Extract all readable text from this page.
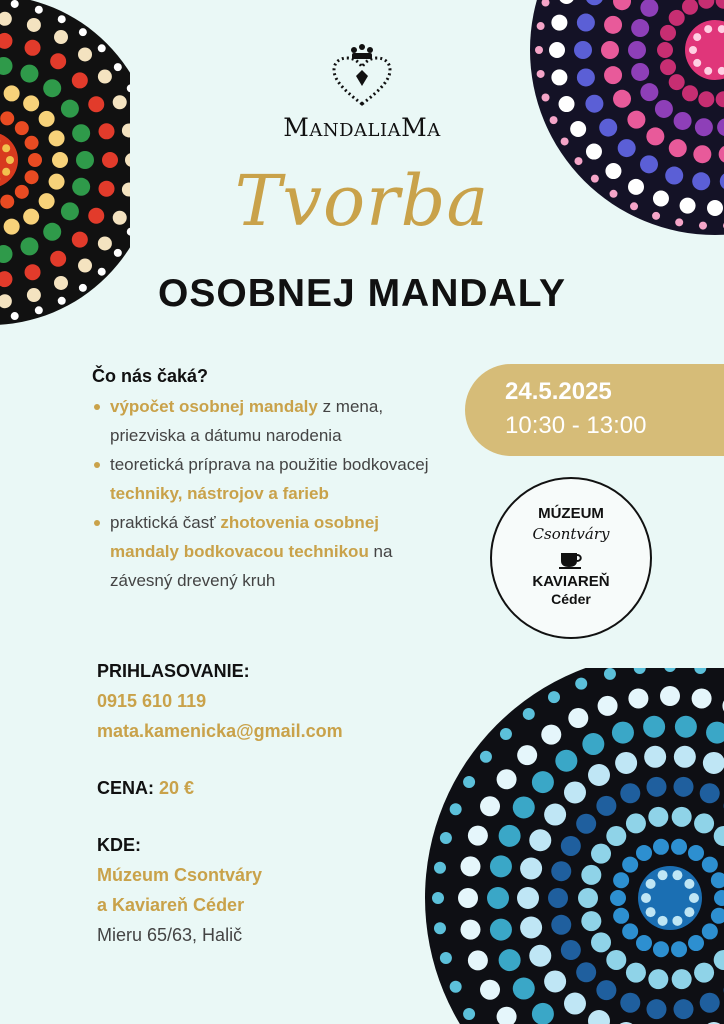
MandaliaMa
Tvorba
OSOBNEJ MANDALY
24.5.2025
10:30 - 13:00
Čo nás čaká?
výpočet osobnej mandaly z mena, priezviska a dátumu narodenia
teoretická príprava na použitie bodkovacej techniky, nástrojov a farieb
praktická časť zhotovenia osobnej mandaly bodkovacou technikou na závesný drevený kruh
MÚZEUM
Csontváry
KAVIAREŇ
Céder
PRIHLASOVANIE:
0915 610 119
mata.kamenicka@gmail.com
CENA: 20 €
KDE:
Múzeum Csontváry
a Kaviareň Céder
Mieru 65/63, Halič
